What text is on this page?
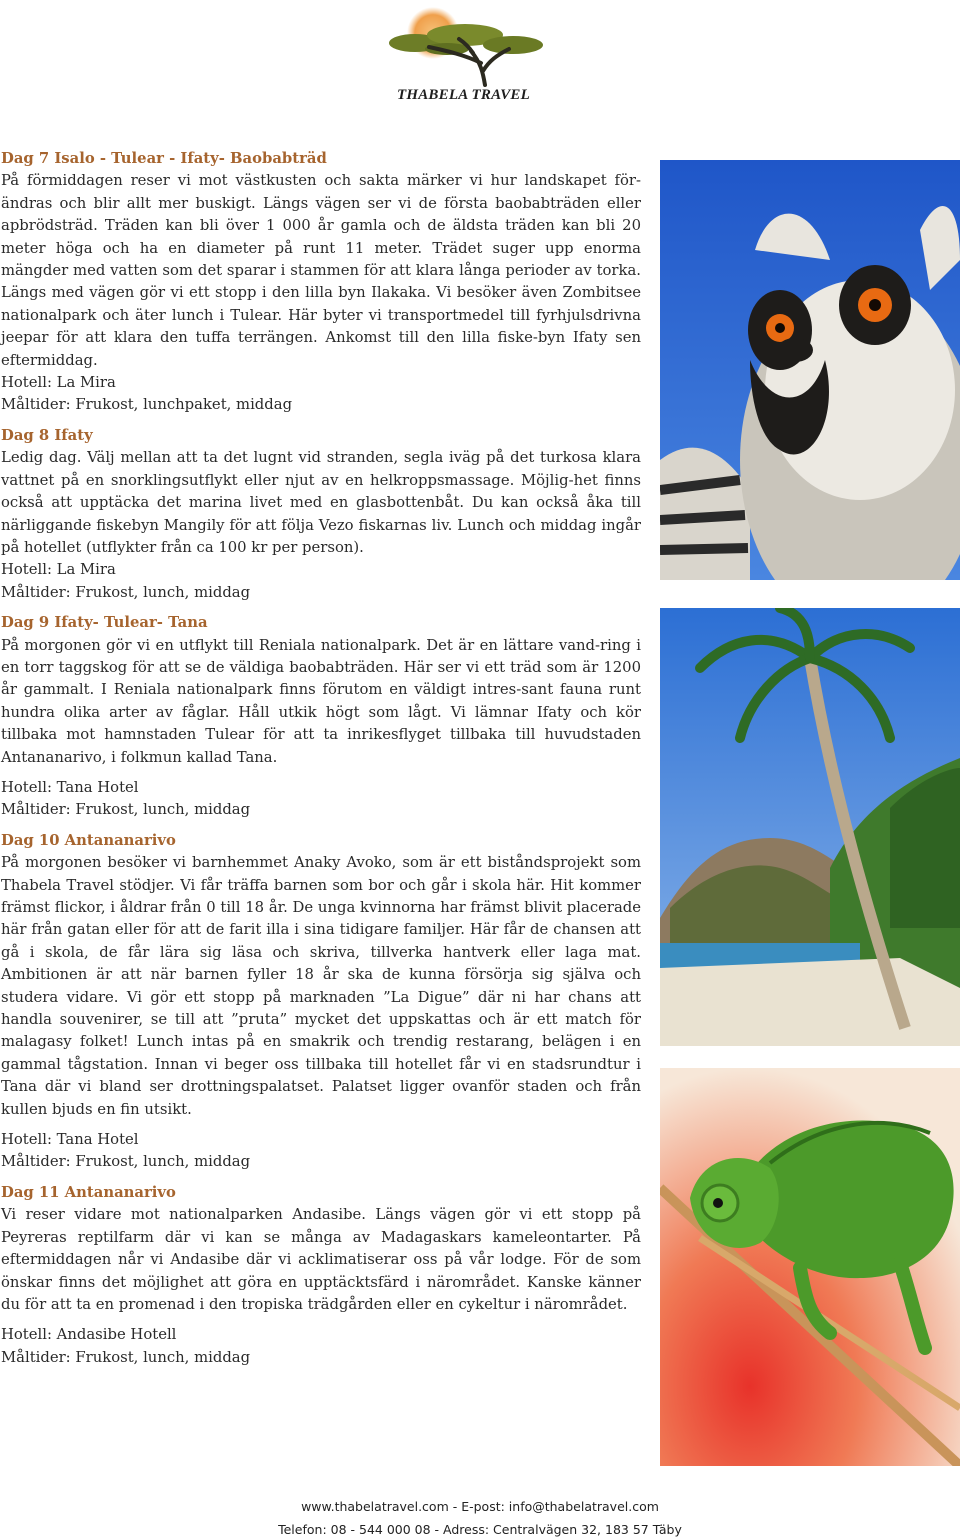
THABELA TRAVEL

Dag 7 Isalo - Tulear - Ifaty- Baobabträd

På förmiddagen reser vi mot västkusten och sakta märker vi hur landskapet för-ändras och blir allt mer buskigt. Längs vägen ser vi de första baobabträden eller apbrödsträd. Träden kan bli över 1 000 år gamla och de äldsta träden kan bli 20 meter höga och ha en diameter på runt 11 meter. Trädet suger upp enorma mängder med vatten som det sparar i stammen för att klara långa perioder av torka. Längs med vägen gör vi ett stopp i den lilla byn Ilakaka. Vi besöker även Zombitsee nationalpark och äter lunch i Tulear. Här byter vi transportmedel till fyrhjulsdrivna jeepar för att klara den tuffa terrängen. Ankomst till den lilla fiske-byn Ifaty sen eftermiddag.

Hotell: La Mira

Måltider: Frukost, lunchpaket, middag

Dag 8 Ifaty

Ledig dag. Välj mellan att ta det lugnt vid stranden, segla iväg på det turkosa klara vattnet på en snorklingsutflykt eller njut av en helkroppsmassage. Möjlig-het finns också att upptäcka det marina livet med en glasbottenbåt. Du kan också åka till närliggande fiskebyn Mangily för att följa Vezo fiskarnas liv. Lunch och middag ingår på hotellet (utflykter från ca 100 kr per person).

Hotell: La Mira

Måltider: Frukost, lunch, middag

Dag 9 Ifaty- Tulear- Tana

På morgonen gör vi en utflykt till Reniala nationalpark. Det är en lättare vand-ring i en torr taggskog för att se de väldiga baobabträden. Här ser vi ett träd som är 1200 år gammalt. I Reniala nationalpark finns förutom en väldigt intres-sant fauna runt hundra olika arter av fåglar. Håll utkik högt som lågt. Vi lämnar Ifaty och kör tillbaka mot hamnstaden Tulear för att ta inrikesflyget tillbaka till huvudstaden Antananarivo, i folkmun kallad Tana.

Hotell: Tana Hotel

Måltider: Frukost, lunch, middag

Dag 10 Antananarivo

På morgonen besöker vi barnhemmet Anaky Avoko, som är ett biståndsprojekt som Thabela Travel stödjer. Vi får träffa barnen som bor och går i skola här. Hit kommer främst flickor, i åldrar från 0 till 18 år. De unga kvinnorna har främst blivit placerade här från gatan eller för att de farit illa i sina tidigare familjer. Här får de chansen att gå i skola, de får lära sig läsa och skriva, tillverka hantverk eller laga mat. Ambitionen är att när barnen fyller 18 år ska de kunna försörja sig själva och studera vidare. Vi gör ett stopp på marknaden ”La Digue” där ni har chans att handla souvenirer, se till att ”pruta” mycket det uppskattas och är ett match för malagasy folket! Lunch intas på en smakrik och trendig restarang, belägen i en gammal tågstation. Innan vi beger oss tillbaka till hotellet får vi en stadsrundtur i Tana där vi bland ser drottningspalatset. Palatset ligger ovanför staden och från kullen bjuds en fin utsikt.

Hotell: Tana Hotel

Måltider: Frukost, lunch, middag

Dag 11 Antananarivo

Vi reser vidare mot nationalparken Andasibe. Längs vägen gör vi ett stopp på Peyreras reptilfarm där vi kan se många av Madagaskars kameleontarter. På eftermiddagen når vi Andasibe där vi acklimatiserar oss på vår lodge. För de som önskar finns det möjlighet att göra en upptäcktsfärd i närområdet. Kanske känner du för att ta en promenad i den tropiska trädgården eller en cykeltur i närområdet.

Hotell: Andasibe Hotell

Måltider: Frukost, lunch, middag

www.thabelatravel.com - E-post: info@thabelatravel.com
Telefon: 08 - 544 000 08 - Adress: Centralvägen 32, 183 57 Täby
